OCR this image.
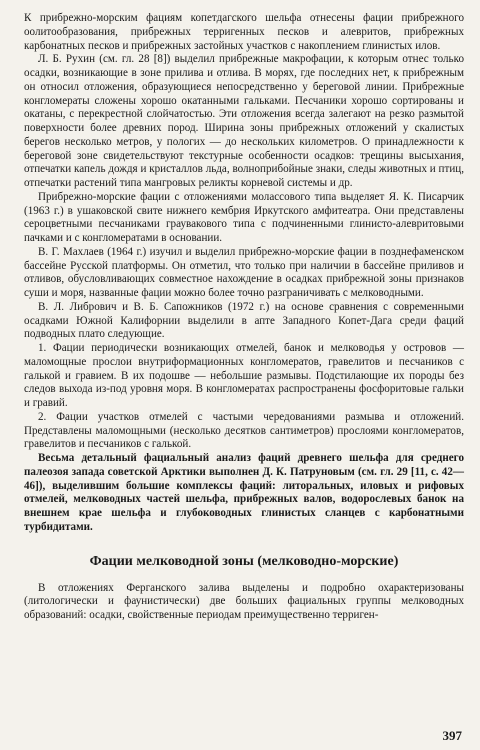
К прибрежно-морским фациям копетдагского шельфа отнесены фации прибрежного оолитообразования, прибрежных терригенных песков и алевритов, прибрежных карбонатных песков и прибрежных застойных участков с накоплением глинистых илов.

Л. Б. Рухин (см. гл. 28 [8]) выделил прибрежные макрофации, к которым отнес только осадки, возникающие в зоне прилива и отлива. В морях, где последних нет, к прибрежным он относил отложения, образующиеся непосредственно у береговой линии. Прибрежные конгломераты сложены хорошо окатанными гальками. Песчаники хорошо сортированы и окатаны, с перекрестной слойчатостью. Эти отложения всегда залегают на резко размытой поверхности более древних пород. Ширина зоны прибрежных отложений у скалистых берегов несколько метров, у пологих — до нескольких километров. О принадлежности к береговой зоне свидетельствуют текстурные особенности осадков: трещины высыхания, отпечатки капель дождя и кристаллов льда, волноприбойные знаки, следы животных и птиц, отпечатки растений типа мангровых реликты корневой системы и др.

Прибрежно-морские фации с отложениями молассового типа выделяет Я. К. Писарчик (1963 г.) в ушаковской свите нижнего кембрия Иркутского амфитеатра. Они представлены сероцветными песчаниками граувакового типа с подчиненными глинисто-алевритовыми пачками и с конгломератами в основании.

В. Г. Махлаев (1964 г.) изучил и выделил прибрежно-морские фации в позднефаменском бассейне Русской платформы. Он отметил, что только при наличии в бассейне приливов и отливов, обусловливающих совместное нахождение в осадках прибрежной зоны признаков суши и моря, названные фации можно более точно разграничивать с мелководными.

В. Л. Либрович и В. Б. Сапожников (1972 г.) на основе сравнения с современными осадками Южной Калифорнии выделили в апте Западного Копет-Дага среди фаций подводных плато следующие.

1. Фации периодически возникающих отмелей, банок и мелководья у островов — маломощные прослои внутриформационных конгломератов, гравелитов и песчаников с галькой и гравием. В их подошве — небольшие размывы. Подстилающие их породы без следов выхода из-под уровня моря. В конгломератах распространены фосфоритовые гальки и гравий.

2. Фации участков отмелей с частыми чередованиями размыва и отложений. Представлены маломощными (несколько десятков сантиметров) прослоями конгломератов, гравелитов и песчаников с галькой.

Весьма детальный фациальный анализ фаций древнего шельфа для среднего палеозоя запада советской Арктики выполнен Д. К. Патруновым (см. гл. 29 [11, с. 42—46]), выделившим большие комплексы фаций: литоральных, иловых и рифовых отмелей, мелководных частей шельфа, прибрежных валов, водорослевых банок на внешнем крае шельфа и глубоководных глинистых сланцев с карбонатными турбидитами.

Фации мелководной зоны (мелководно-морские)

В отложениях Ферганского залива выделены и подробно охарактеризованы (литологически и фаунистически) две больших фациальных группы мелководных образований: осадки, свойственные периодам преимущественно терриген-

397
